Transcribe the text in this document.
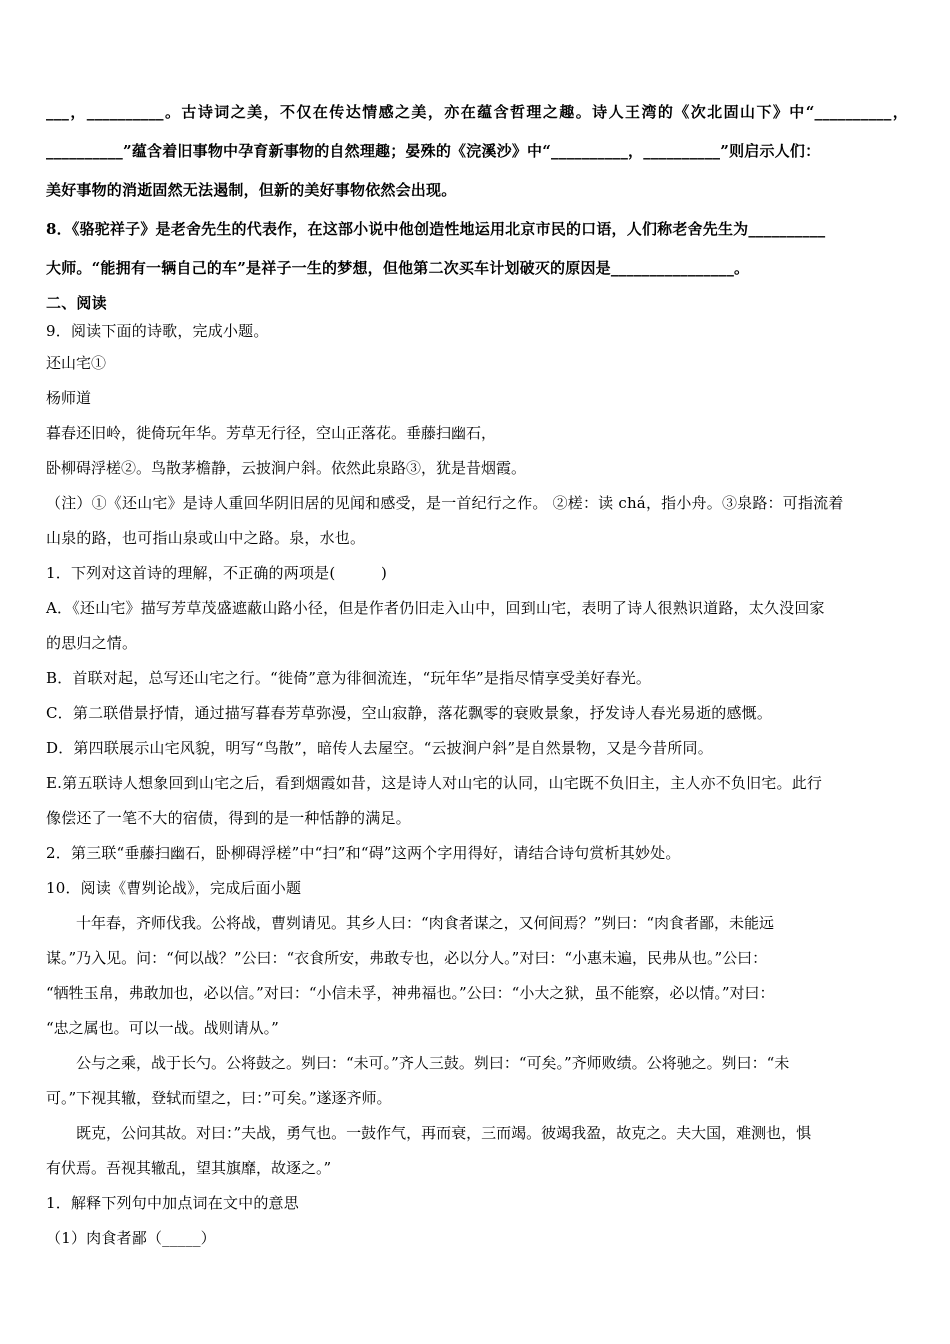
___，__________。古诗词之美，不仅在传达情感之美，亦在蕴含哲理之趣。诗人王湾的《次北固山下》中“__________，
__________”蕴含着旧事物中孕育新事物的自然理趣；晏殊的《浣溪沙》中“__________，__________”则启示人们：
美好事物的消逝固然无法遏制，但新的美好事物依然会出现。
8．《骆驼祥子》是老舍先生的代表作，在这部小说中他创造性地运用北京市民的口语，人们称老舍先生为__________
大师。“能拥有一辆自己的车”是祥子一生的梦想，但他第二次买车计划破灭的原因是________________。
二、阅读
9．阅读下面的诗歌，完成小题。
还山宅①
杨师道
暮春还旧岭，徙倚玩年华。芳草无行径，空山正落花。垂藤扫幽石，
卧柳碍浮槎②。鸟散茅檐静，云披涧户斜。依然此泉路③，犹是昔烟霞。
（注）①《还山宅》是诗人重回华阴旧居的见闻和感受，是一首纪行之作。 ②槎：读 chá，指小舟。③泉路：可指流着
山泉的路，也可指山泉或山中之路。泉，水也。
1．下列对这首诗的理解，不正确的两项是(　　　)
A．《还山宅》描写芳草茂盛遮蔽山路小径，但是作者仍旧走入山中，回到山宅，表明了诗人很熟识道路，太久没回家
的思归之情。
B．首联对起，总写还山宅之行。“徙倚”意为徘徊流连，“玩年华”是指尽情享受美好春光。
C．第二联借景抒情，通过描写暮春芳草弥漫，空山寂静，落花飘零的衰败景象，抒发诗人春光易逝的感慨。
D．第四联展示山宅风貌，明写“鸟散”，暗传人去屋空。“云披涧户斜”是自然景物，又是今昔所同。
E.第五联诗人想象回到山宅之后，看到烟霞如昔，这是诗人对山宅的认同，山宅既不负旧主，主人亦不负旧宅。此行
像偿还了一笔不大的宿债，得到的是一种恬静的满足。
2．第三联“垂藤扫幽石，卧柳碍浮槎”中“扫”和“碍”这两个字用得好，请结合诗句赏析其妙处。
10．阅读《曹刿论战》，完成后面小题
十年春，齐师伐我。公将战，曹刿请见。其乡人曰：“肉食者谋之，又何间焉？”刿曰：“肉食者鄙，未能远
谋。”乃入见。问：“何以战？”公曰：“衣食所安，弗敢专也，必以分人。”对曰：“小惠未遍，民弗从也。”公曰：
“牺牲玉帛，弗敢加也，必以信。”对曰：“小信未孚，神弗福也。”公曰：“小大之狱，虽不能察，必以情。”对曰：
“忠之属也。可以一战。战则请从。”
公与之乘，战于长勺。公将鼓之。刿曰：“未可。”齐人三鼓。刿曰：“可矣。”齐师败绩。公将驰之。刿曰：“未
可。”下视其辙，登轼而望之，曰：”可矣。”遂逐齐师。
既克，公问其故。对曰：”夫战，勇气也。一鼓作气，再而衰，三而竭。彼竭我盈，故克之。夫大国，难测也，惧
有伏焉。吾视其辙乱，望其旗靡，故逐之。”
1．解释下列句中加点词在文中的意思
（1）肉食者鄙（_____）
